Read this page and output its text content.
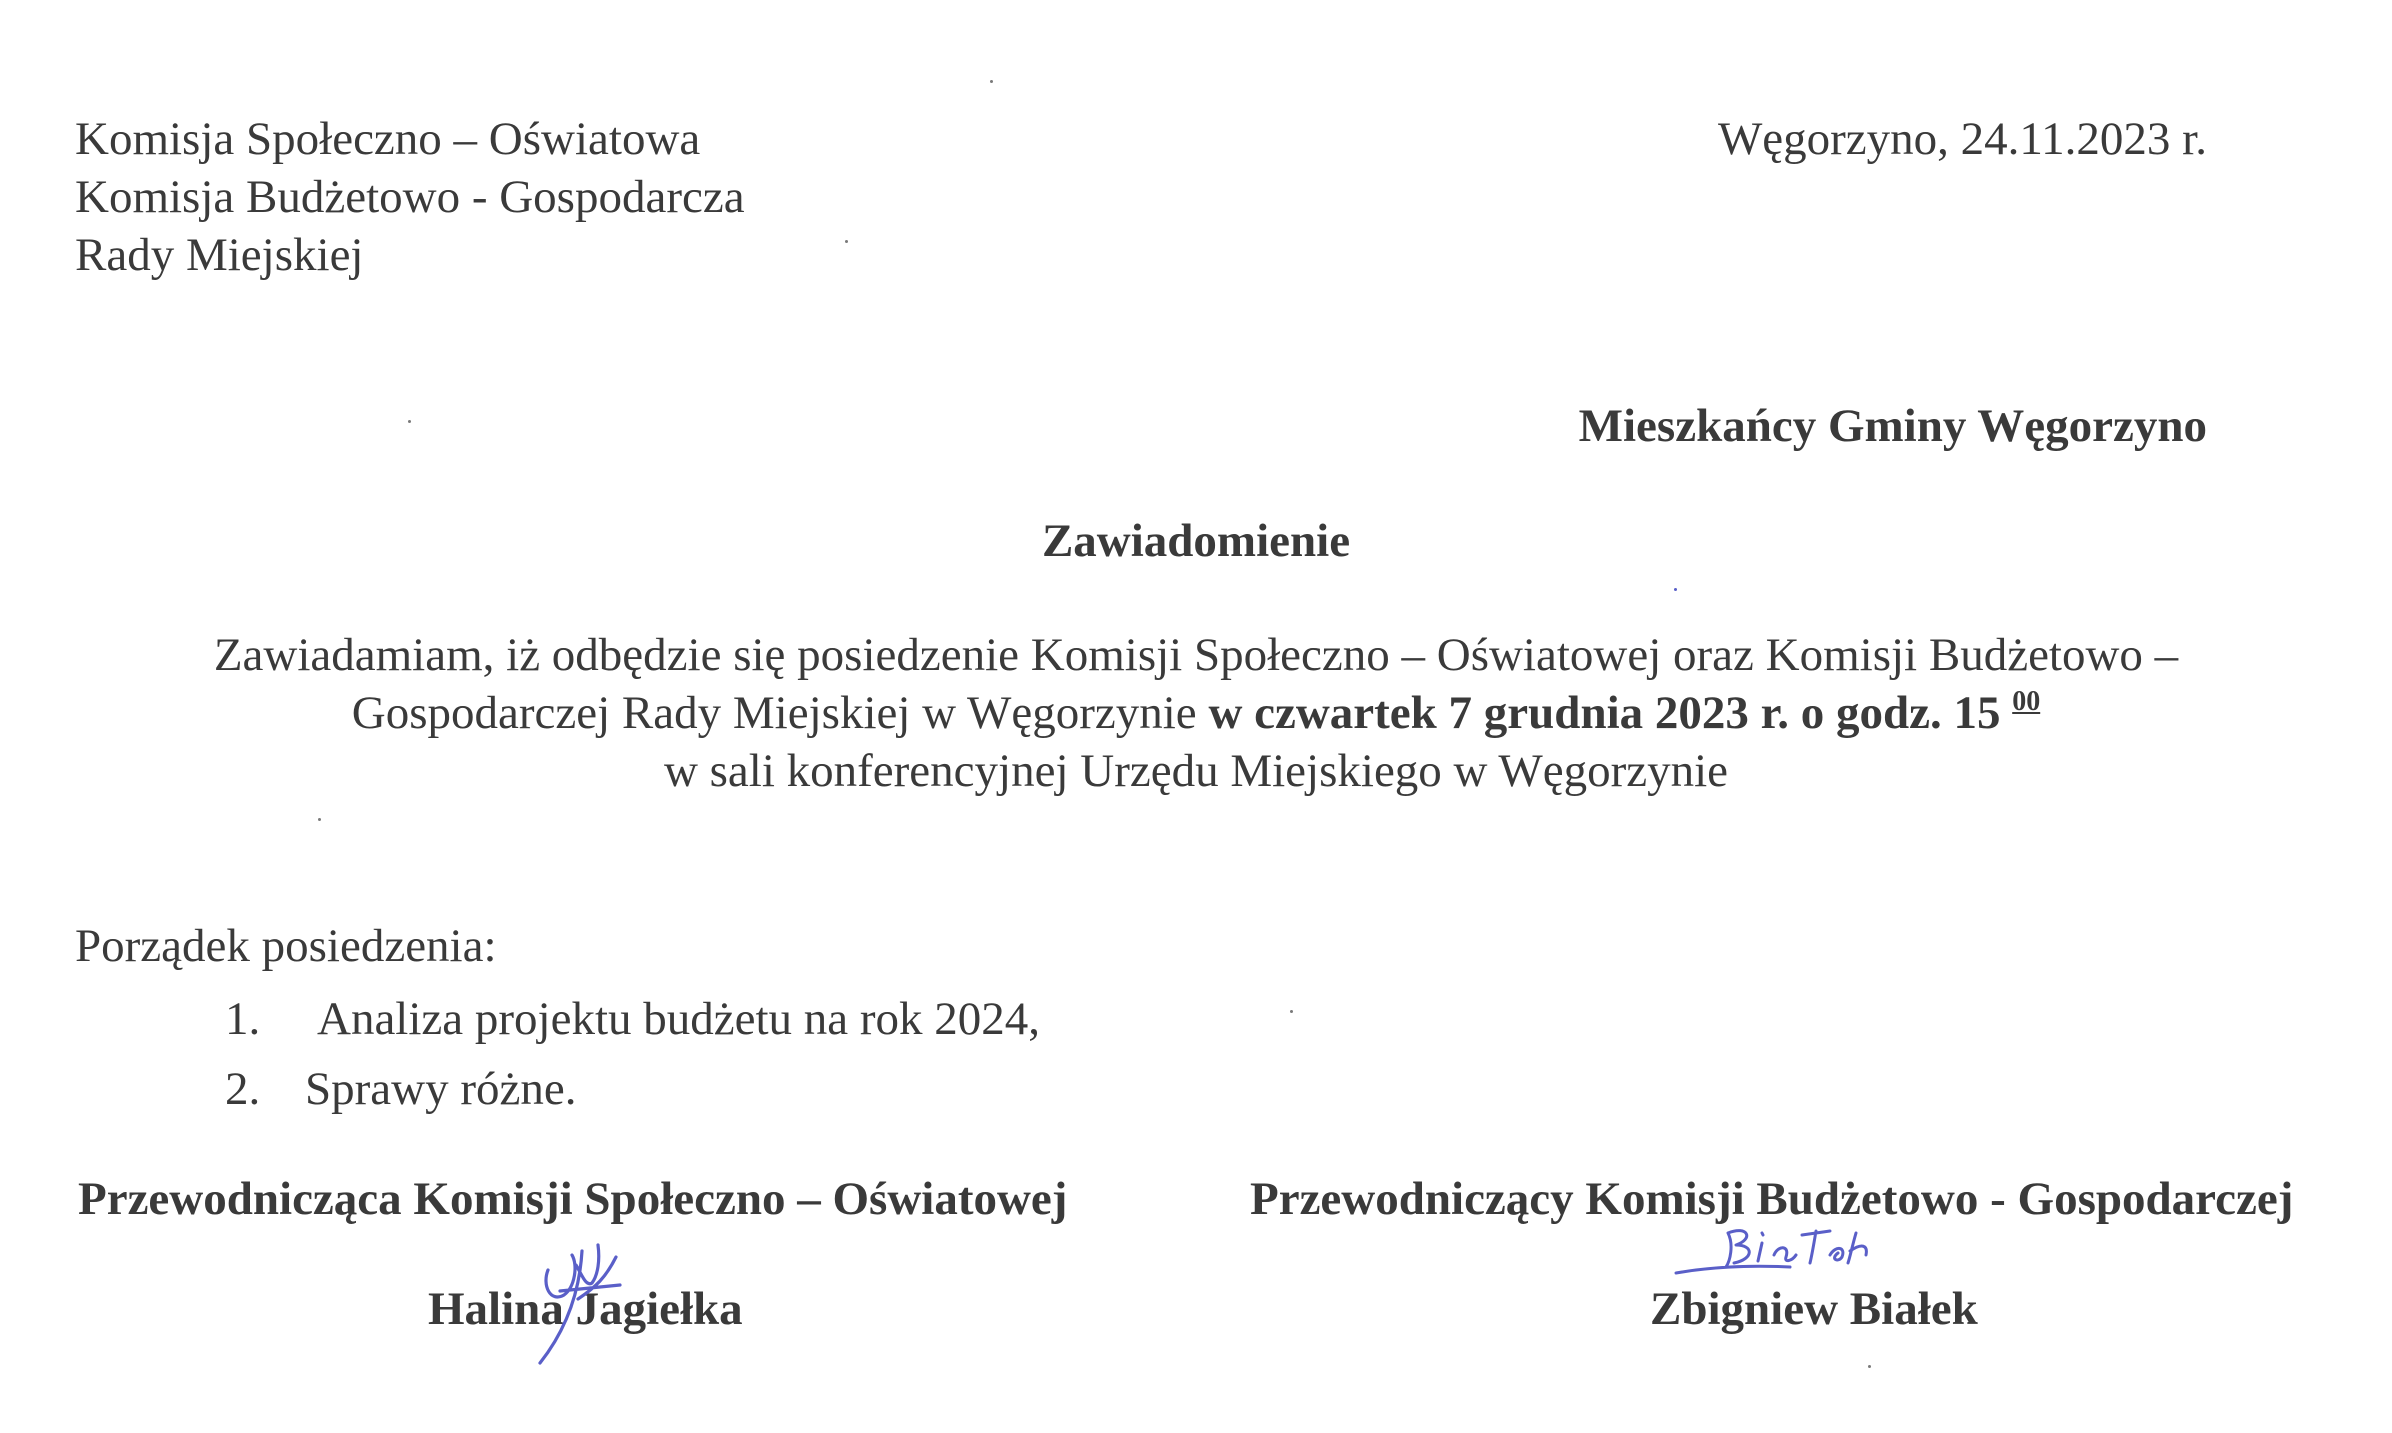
Komisja Społeczno – Oświatowa
Komisja Budżetowo - Gospodarcza
Rady Miejskiej
Węgorzyno, 24.11.2023 r.
Mieszkańcy Gminy Węgorzyno
Zawiadomienie
Zawiadamiam, iż odbędzie się posiedzenie Komisji Społeczno – Oświatowej oraz Komisji Budżetowo –
Gospodarczej Rady Miejskiej w Węgorzynie w czwartek 7 grudnia 2023 r. o godz. 15 $^{00}$
w sali konferencyjnej Urzędu Miejskiego w Węgorzynie
Porządek posiedzenia:
1. Analiza projektu budżetu na rok 2024,
2. Sprawy różne.
Przewodnicząca Komisji Społeczno – Oświatowej
Halina Jagiełka
Przewodniczący Komisji Budżetowo - Gospodarczej
Zbigniew Białek
